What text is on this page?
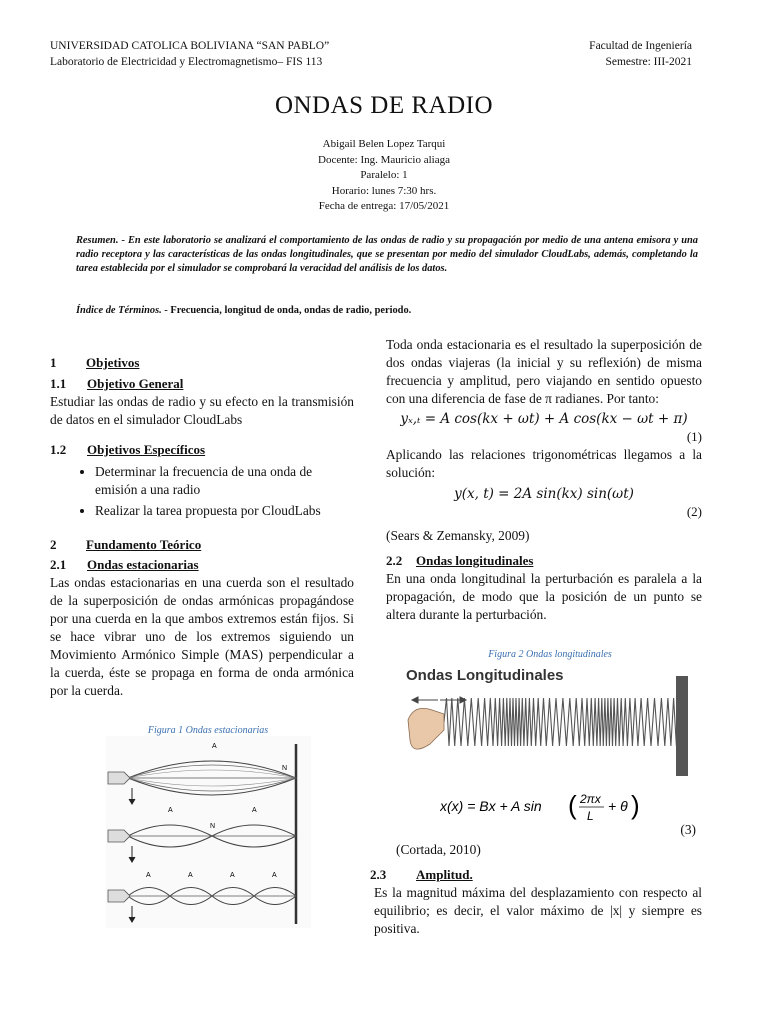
UNIVERSIDAD CATOLICA BOLIVIANA “SAN PABLO”
Laboratorio de Electricidad y Electromagnetismo– FIS 113
Facultad de Ingeniería
Semestre: III-2021
ONDAS DE RADIO
Abigail Belen Lopez Tarqui
Docente: Ing. Mauricio aliaga
Paralelo: 1
Horario: lunes 7:30 hrs.
Fecha de entrega: 17/05/2021
Resumen. - En este laboratorio se analizará el comportamiento de las ondas de radio y su propagación por medio de una antena emisora y una radio receptora y las características de las ondas longitudinales, que se presentan por medio del simulador CloudLabs, además, completando la tarea establecida por el simulador se comprobará la veracidad del análisis de los datos.
Índice de Términos. - Frecuencia, longitud de onda, ondas de radio, periodo.
1 Objetivos
1.1 Objetivo General

Estudiar las ondas de radio y su efecto en la transmisión de datos en el simulador CloudLabs

1.2 Objetivos Específicos
• Determinar la frecuencia de una onda de emisión a una radio
• Realizar la tarea propuesta por CloudLabs
2 Fundamento Teórico
2.1 Ondas estacionarias

Las ondas estacionarias en una cuerda son el resultado de la superposición de ondas armónicas propagándose por una cuerda en la que ambos extremos están fijos. Si se hace vibrar uno de los extremos siguiendo un Movimiento Armónico Simple (MAS) perpendicular a la cuerda, éste se propaga en forma de onda armónica por la cuerda.

Figura 1 Ondas estacionarias
A
N
A
N
A
A	A	A	A

Toda onda estacionaria es el resultado la superposición de dos ondas viajeras (la inicial y su reflexión) de misma frecuencia y amplitud, pero viajando en sentido opuesto con una diferencia de fase de π radianes. Por tanto:

yₓ,ₜ = A cos(kx + ωt) + A cos(kx − ωt + π)
(1)

Aplicando las relaciones trigonométricas llegamos a la solución:

y(x, t) = 2A sin(kx) sin(ωt)
(2)
(Sears & Zemansky, 2009)
2.2 Ondas longitudinales

En una onda longitudinal la perturbación es paralela a la propagación, de modo que la posición de un punto se altera durante la perturbación.

Figura 2 Ondas longitudinales
Ondas Longitudinales
x(x) = Bx + A sin ( 2πx
L
+ θ )
(3)
(Cortada, 2010)
2.3 Amplitud.

Es la magnitud máxima del desplazamiento con respecto al equilibrio; es decir, el valor máximo de |x| y siempre es positiva.
